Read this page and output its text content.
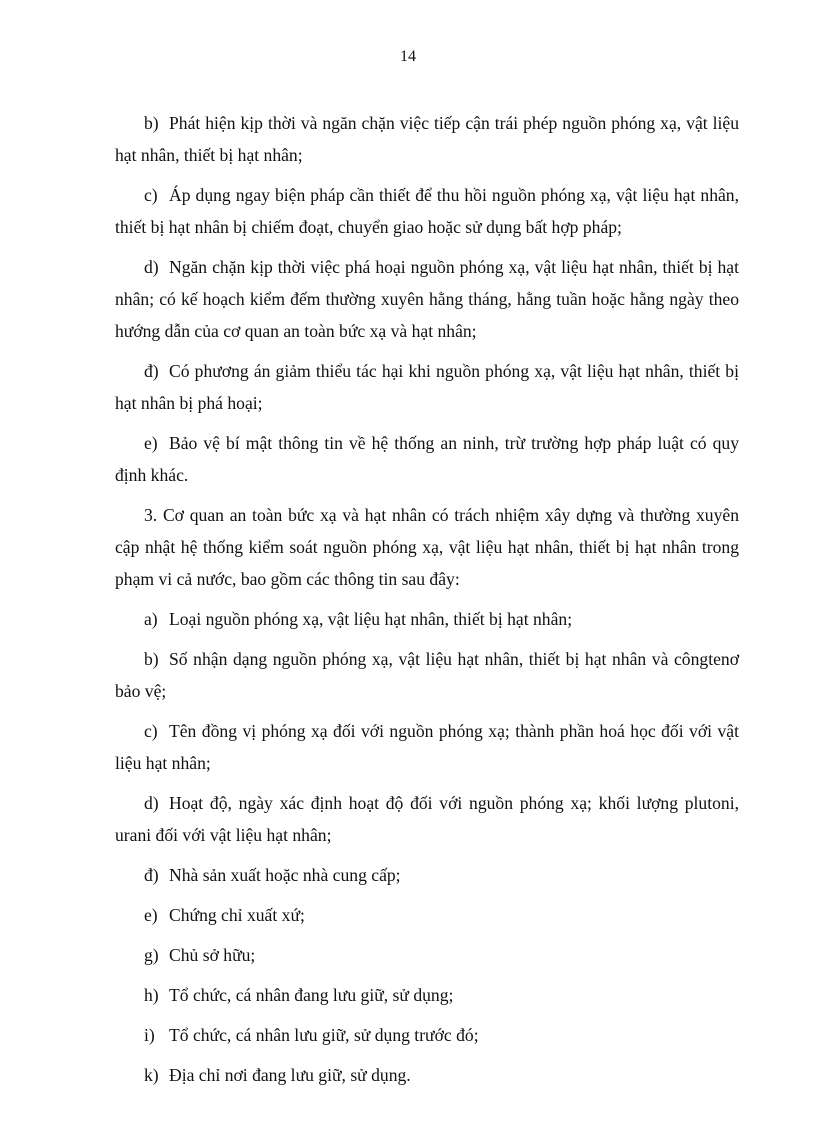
14

b) Phát hiện kịp thời và ngăn chặn việc tiếp cận trái phép nguồn phóng xạ, vật liệu hạt nhân, thiết bị hạt nhân;

c) Áp dụng ngay biện pháp cần thiết để thu hồi nguồn phóng xạ, vật liệu hạt nhân, thiết bị hạt nhân bị chiếm đoạt, chuyển giao hoặc sử dụng bất hợp pháp;

d) Ngăn chặn kịp thời việc phá hoại nguồn phóng xạ, vật liệu hạt nhân, thiết bị hạt nhân; có kế hoạch kiểm đếm thường xuyên hằng tháng, hằng tuần hoặc hằng ngày theo hướng dẫn của cơ quan an toàn bức xạ và hạt nhân;

đ) Có phương án giảm thiểu tác hại khi nguồn phóng xạ, vật liệu hạt nhân, thiết bị hạt nhân bị phá hoại;

e) Bảo vệ bí mật thông tin về hệ thống an ninh, trừ trường hợp pháp luật có quy định khác.

3. Cơ quan an toàn bức xạ và hạt nhân có trách nhiệm xây dựng và thường xuyên cập nhật hệ thống kiểm soát nguồn phóng xạ, vật liệu hạt nhân, thiết bị hạt nhân trong phạm vi cả nước, bao gồm các thông tin sau đây:

a) Loại nguồn phóng xạ, vật liệu hạt nhân, thiết bị hạt nhân;

b) Số nhận dạng nguồn phóng xạ, vật liệu hạt nhân, thiết bị hạt nhân và côngtenơ bảo vệ;

c) Tên đồng vị phóng xạ đối với nguồn phóng xạ; thành phần hoá học đối với vật liệu hạt nhân;

d) Hoạt độ, ngày xác định hoạt độ đối với nguồn phóng xạ; khối lượng plutoni, urani đối với vật liệu hạt nhân;

đ) Nhà sản xuất hoặc nhà cung cấp;

e) Chứng chỉ xuất xứ;

g) Chủ sở hữu;

h) Tổ chức, cá nhân đang lưu giữ, sử dụng;

i) Tổ chức, cá nhân lưu giữ, sử dụng trước đó;

k) Địa chỉ nơi đang lưu giữ, sử dụng.
